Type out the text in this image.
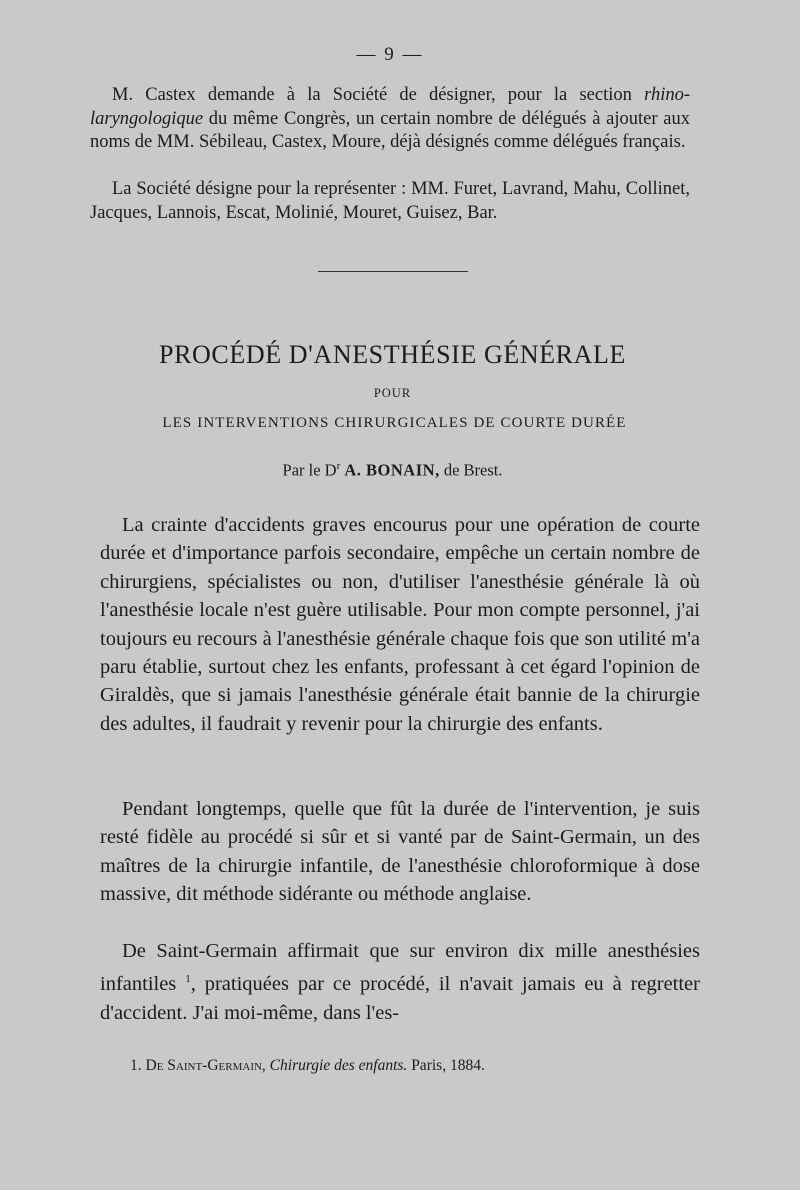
— 9 —

M. Castex demande à la Société de désigner, pour la section rhino-laryngologique du même Congrès, un certain nombre de délégués à ajouter aux noms de MM. Sébileau, Castex, Moure, déjà désignés comme délégués français.

La Société désigne pour la représenter : MM. Furet, Lavrand, Mahu, Collinet, Jacques, Lannois, Escat, Molinié, Mouret, Guisez, Bar.

PROCÉDÉ D'ANESTHÉSIE GÉNÉRALE
POUR
LES INTERVENTIONS CHIRURGICALES DE COURTE DURÉE
Par le $D^r$ A. BONAIN, de Brest.

La crainte d'accidents graves encourus pour une opération de courte durée et d'importance parfois secondaire, empêche un certain nombre de chirurgiens, spécialistes ou non, d'utiliser l'anesthésie générale là où l'anesthésie locale n'est guère utilisable. Pour mon compte personnel, j'ai toujours eu recours à l'anesthésie générale chaque fois que son utilité m'a paru établie, surtout chez les enfants, professant à cet égard l'opinion de Giraldès, que si jamais l'anesthésie générale était bannie de la chirurgie des adultes, il faudrait y revenir pour la chirurgie des enfants.

Pendant longtemps, quelle que fût la durée de l'intervention, je suis resté fidèle au procédé si sûr et si vanté par de Saint-Germain, un des maîtres de la chirurgie infantile, de l'anesthésie chloroformique à dose massive, dit méthode sidérante ou méthode anglaise.

De Saint-Germain affirmait que sur environ dix mille anesthésies infantiles $^1$, pratiquées par ce procédé, il n'avait jamais eu à regretter d'accident. J'ai moi-même, dans l'es-

1. De Saint-Germain, Chirurgie des enfants. Paris, 1884.
